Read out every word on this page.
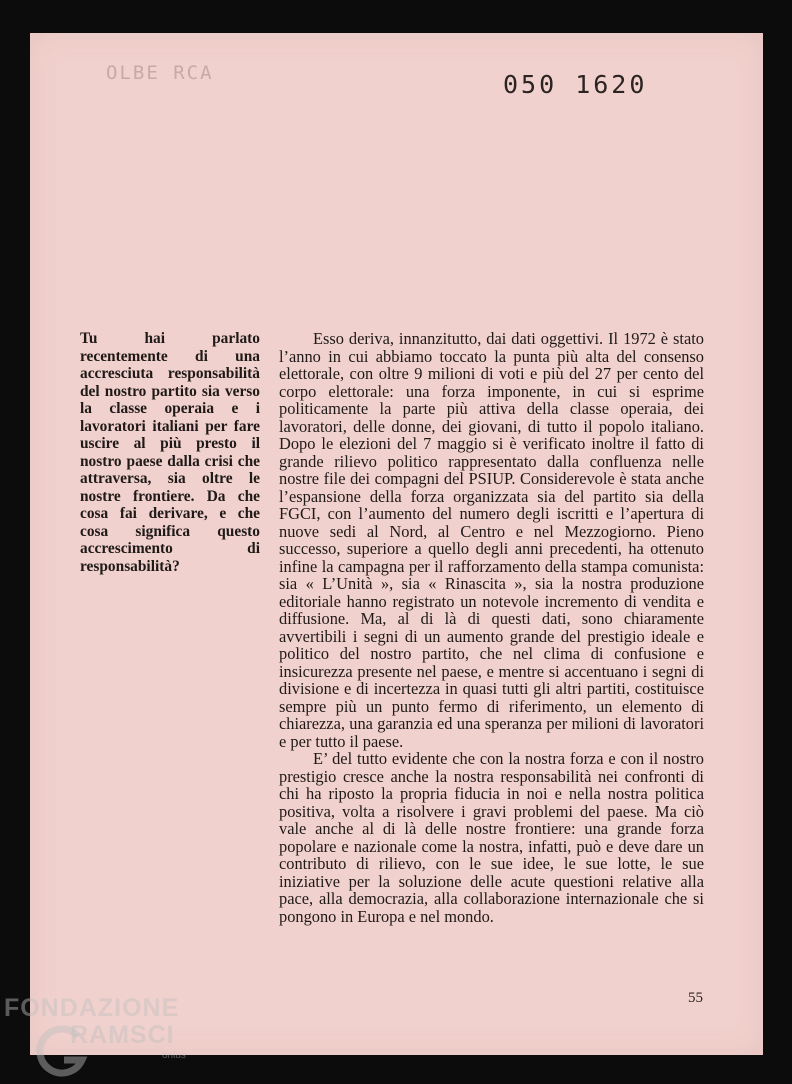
OLBE RCA	050 1620

Tu hai parlato recentemente di una accresciuta responsabilità del nostro partito sia verso la classe operaia e i lavoratori italiani per fare uscire al più presto il nostro paese dalla crisi che attraversa, sia oltre le nostre frontiere. Da che cosa fai derivare, e che cosa significa questo accrescimento di responsabilità?

Esso deriva, innanzitutto, dai dati oggettivi. Il 1972 è stato l’anno in cui abbiamo toccato la punta più alta del consenso elettorale, con oltre 9 milioni di voti e più del 27 per cento del corpo elettorale: una forza imponente, in cui si esprime politicamente la parte più attiva della classe operaia, dei lavoratori, delle donne, dei giovani, di tutto il popolo italiano. Dopo le elezioni del 7 maggio si è verificato inoltre il fatto di grande rilievo politico rappresentato dalla confluenza nelle nostre file dei compagni del PSIUP. Considerevole è stata anche l’espansione della forza organizzata sia del partito sia della FGCI, con l’aumento del numero degli iscritti e l’apertura di nuove sedi al Nord, al Centro e nel Mezzogiorno. Pieno successo, superiore a quello degli anni precedenti, ha ottenuto infine la campagna per il rafforzamento della stampa comunista: sia « L’Unità », sia « Rinascita », sia la nostra produzione editoriale hanno registrato un notevole incremento di vendita e diffusione. Ma, al di là di questi dati, sono chiaramente avvertibili i segni di un aumento grande del prestigio ideale e politico del nostro partito, che nel clima di confusione e insicurezza presente nel paese, e mentre si accentuano i segni di divisione e di incertezza in quasi tutti gli altri partiti, costituisce sempre più un punto fermo di riferimento, un elemento di chiarezza, una garanzia ed una speranza per milioni di lavoratori e per tutto il paese.

E’ del tutto evidente che con la nostra forza e con il nostro prestigio cresce anche la nostra responsabilità nei confronti di chi ha riposto la propria fiducia in noi e nella nostra politica positiva, volta a risolvere i gravi problemi del paese. Ma ciò vale anche al di là delle nostre frontiere: una grande forza popolare e nazionale come la nostra, infatti, può e deve dare un contributo di rilievo, con le sue idee, le sue lotte, le sue iniziative per la soluzione delle acute questioni relative alla pace, alla democrazia, alla collaborazione internazionale che si pongono in Europa e nel mondo.

55
FONDAZIONE
RAMSCI
onlus
